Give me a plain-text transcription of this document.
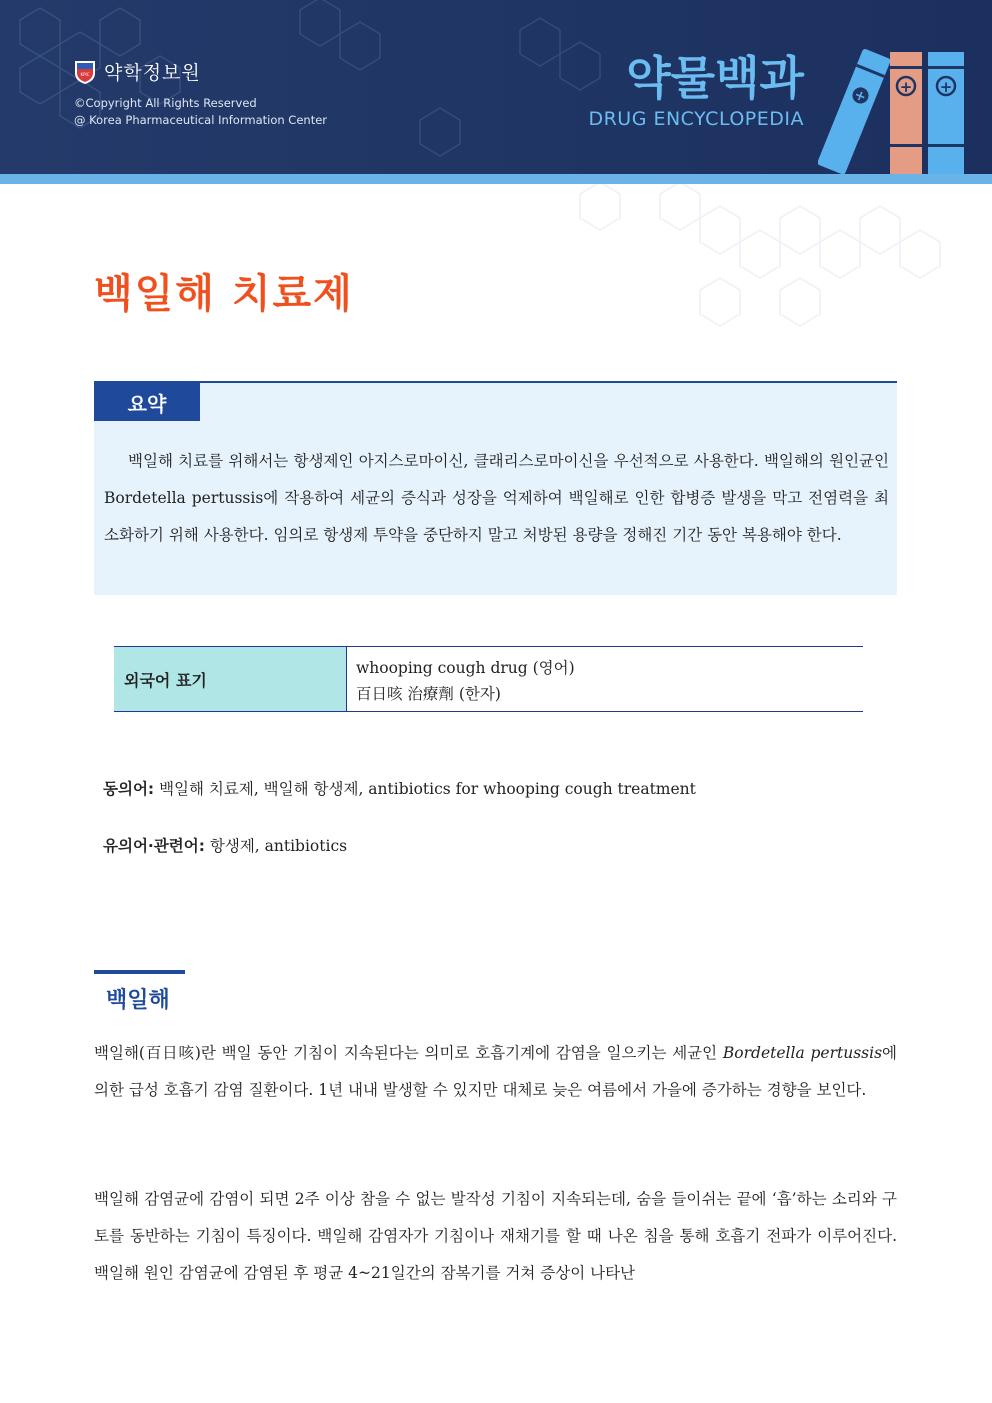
KPIC 약학정보원
©Copyright All Rights Reserved
@ Korea Pharmaceutical Information Center
약물백과
DRUG ENCYCLOPEDIA
+ + +
백일해 치료제
요약
백일해 치료를 위해서는 항생제인 아지스로마이신, 클래리스로마이신을 우선적으로 사용한다. 백일해의 원인균인 Bordetella pertussis에 작용하여 세균의 증식과 성장을 억제하여 백일해로 인한 합병증 발생을 막고 전염력을 최소화하기 위해 사용한다. 임의로 항생제 투약을 중단하지 말고 처방된 용량을 정해진 기간 동안 복용해야 한다.
외국어 표기
whooping cough drug (영어)
百日咳 治療劑 (한자)
동의어: 백일해 치료제, 백일해 항생제, antibiotics for whooping cough treatment
유의어·관련어: 항생제, antibiotics
백일해
백일해(百日咳)란 백일 동안 기침이 지속된다는 의미로 호흡기계에 감염을 일으키는 세균인 Bordetella pertussis에 의한 급성 호흡기 감염 질환이다. 1년 내내 발생할 수 있지만 대체로 늦은 여름에서 가을에 증가하는 경향을 보인다.
백일해 감염균에 감염이 되면 2주 이상 참을 수 없는 발작성 기침이 지속되는데, 숨을 들이쉬는 끝에 ‘흡’하는 소리와 구토를 동반하는 기침이 특징이다. 백일해 감염자가 기침이나 재채기를 할 때 나온 침을 통해 호흡기 전파가 이루어진다. 백일해 원인 감염균에 감염된 후 평균 4~21일간의 잠복기를 거쳐 증상이 나타난
